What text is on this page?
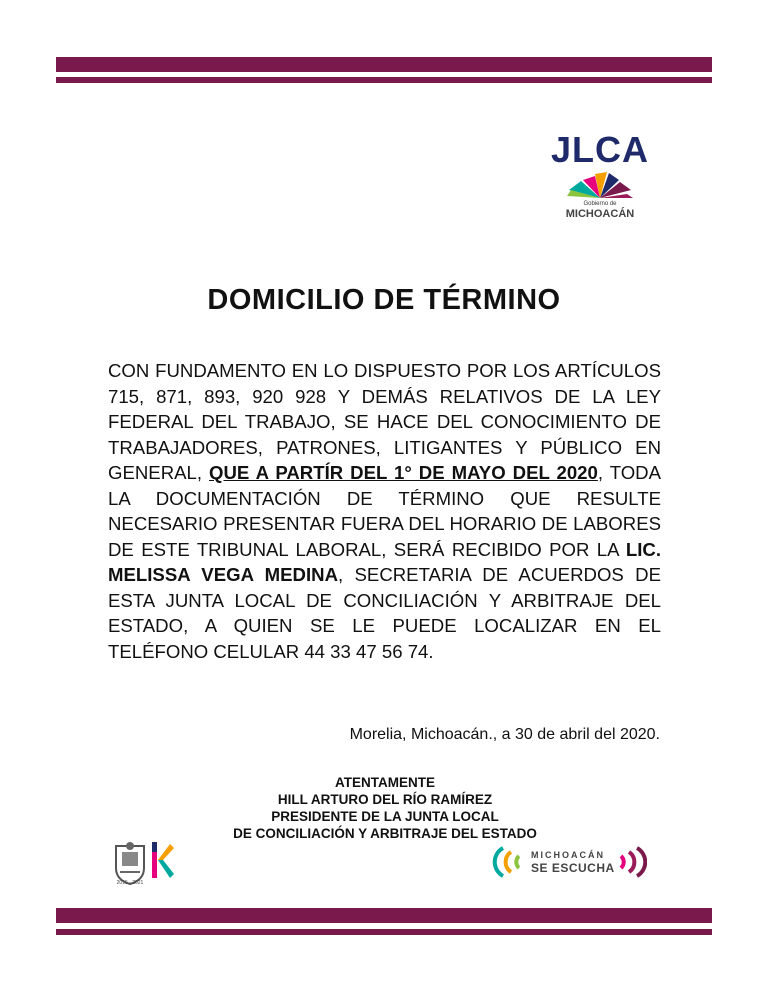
JLCA
Gobierno de
MICHOACÁN
DOMICILIO DE TÉRMINO
CON FUNDAMENTO EN LO DISPUESTO POR LOS ARTÍCULOS 715, 871, 893, 920 928 Y DEMÁS RELATIVOS DE LA LEY FEDERAL DEL TRABAJO, SE HACE DEL CONOCIMIENTO DE TRABAJADORES, PATRONES, LITIGANTES Y PÚBLICO EN GENERAL, QUE A PARTÍR DEL 1° DE MAYO DEL 2020, TODA LA DOCUMENTACIÓN DE TÉRMINO QUE RESULTE NECESARIO PRESENTAR FUERA DEL HORARIO DE LABORES DE ESTE TRIBUNAL LABORAL, SERÁ RECIBIDO POR LA LIC. MELISSA VEGA MEDINA, SECRETARIA DE ACUERDOS DE ESTA JUNTA LOCAL DE CONCILIACIÓN Y ARBITRAJE DEL ESTADO, A QUIEN SE LE PUEDE LOCALIZAR EN EL TELÉFONO CELULAR 44 33 47 56 74.
Morelia, Michoacán., a 30 de abril del 2020.
ATENTAMENTE
HILL ARTURO DEL RÍO RAMÍREZ
PRESIDENTE DE LA JUNTA LOCAL
DE CONCILIACIÓN Y ARBITRAJE DEL ESTADO
2015 - 2021
MICHOACÁN
SE ESCUCHA
